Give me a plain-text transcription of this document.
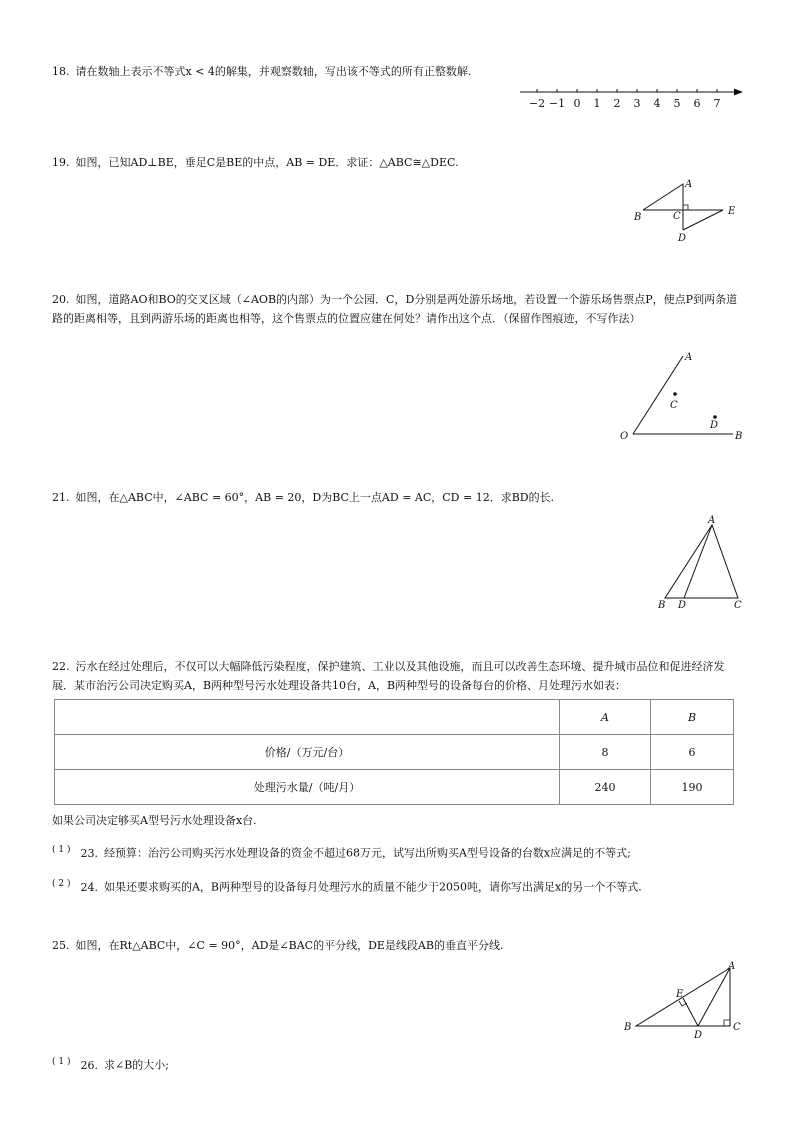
18. 请在数轴上表示不等式x < 4的解集，并观察数轴，写出该不等式的所有正整数解.
−2 −1 0 1 2 3 4 5 6 7
19. 如图，已知AD⊥BE，垂足C是BE的中点，AB = DE．求证：△ABC≅△DEC.
A
B	C
D
E
20. 如图，道路AO和BO的交叉区域（∠AOB的内部）为一个公园．C，D分别是两处游乐场地，若设置一个游乐场售票点P，使点P到两条道路的距离相等，且到两游乐场的距离也相等，这个售票点的位置应建在何处？请作出这个点．（保留作图痕迹，不写作法）
A
O	B
C
D
21. 如图，在△ABC中，∠ABC = 60°，AB = 20，D为BC上一点AD = AC，CD = 12．求BD的长.
A
B D	C
22. 污水在经过处理后，不仅可以大幅降低污染程度，保护建筑、工业以及其他设施，而且可以改善生态环境、提升城市品位和促进经济发展．某市治污公司决定购买A，B两种型号污水处理设备共10台，A，B两种型号的设备每台的价格、月处理污水如表：
	A	B
价格/（万元/台）	8	6
处理污水量/（吨/月）	240	190
如果公司决定够买A型号污水处理设备x台.
$^{( 1 )}$ 23. 经预算：治污公司购买污水处理设备的资金不超过68万元，试写出所购买A型号设备的台数x应满足的不等式;
$^{( 2 )}$ 24. 如果还要求购买的A，B两种型号的设备每月处理污水的质量不能少于2050吨，请你写出满足x的另一个不等式.
25. 如图，在Rt△ABC中，∠C = 90°，AD是∠BAC的平分线，DE是线段AB的垂直平分线.
A
B	C
D
E
$^{( 1 )}$ 26. 求∠B的大小;
